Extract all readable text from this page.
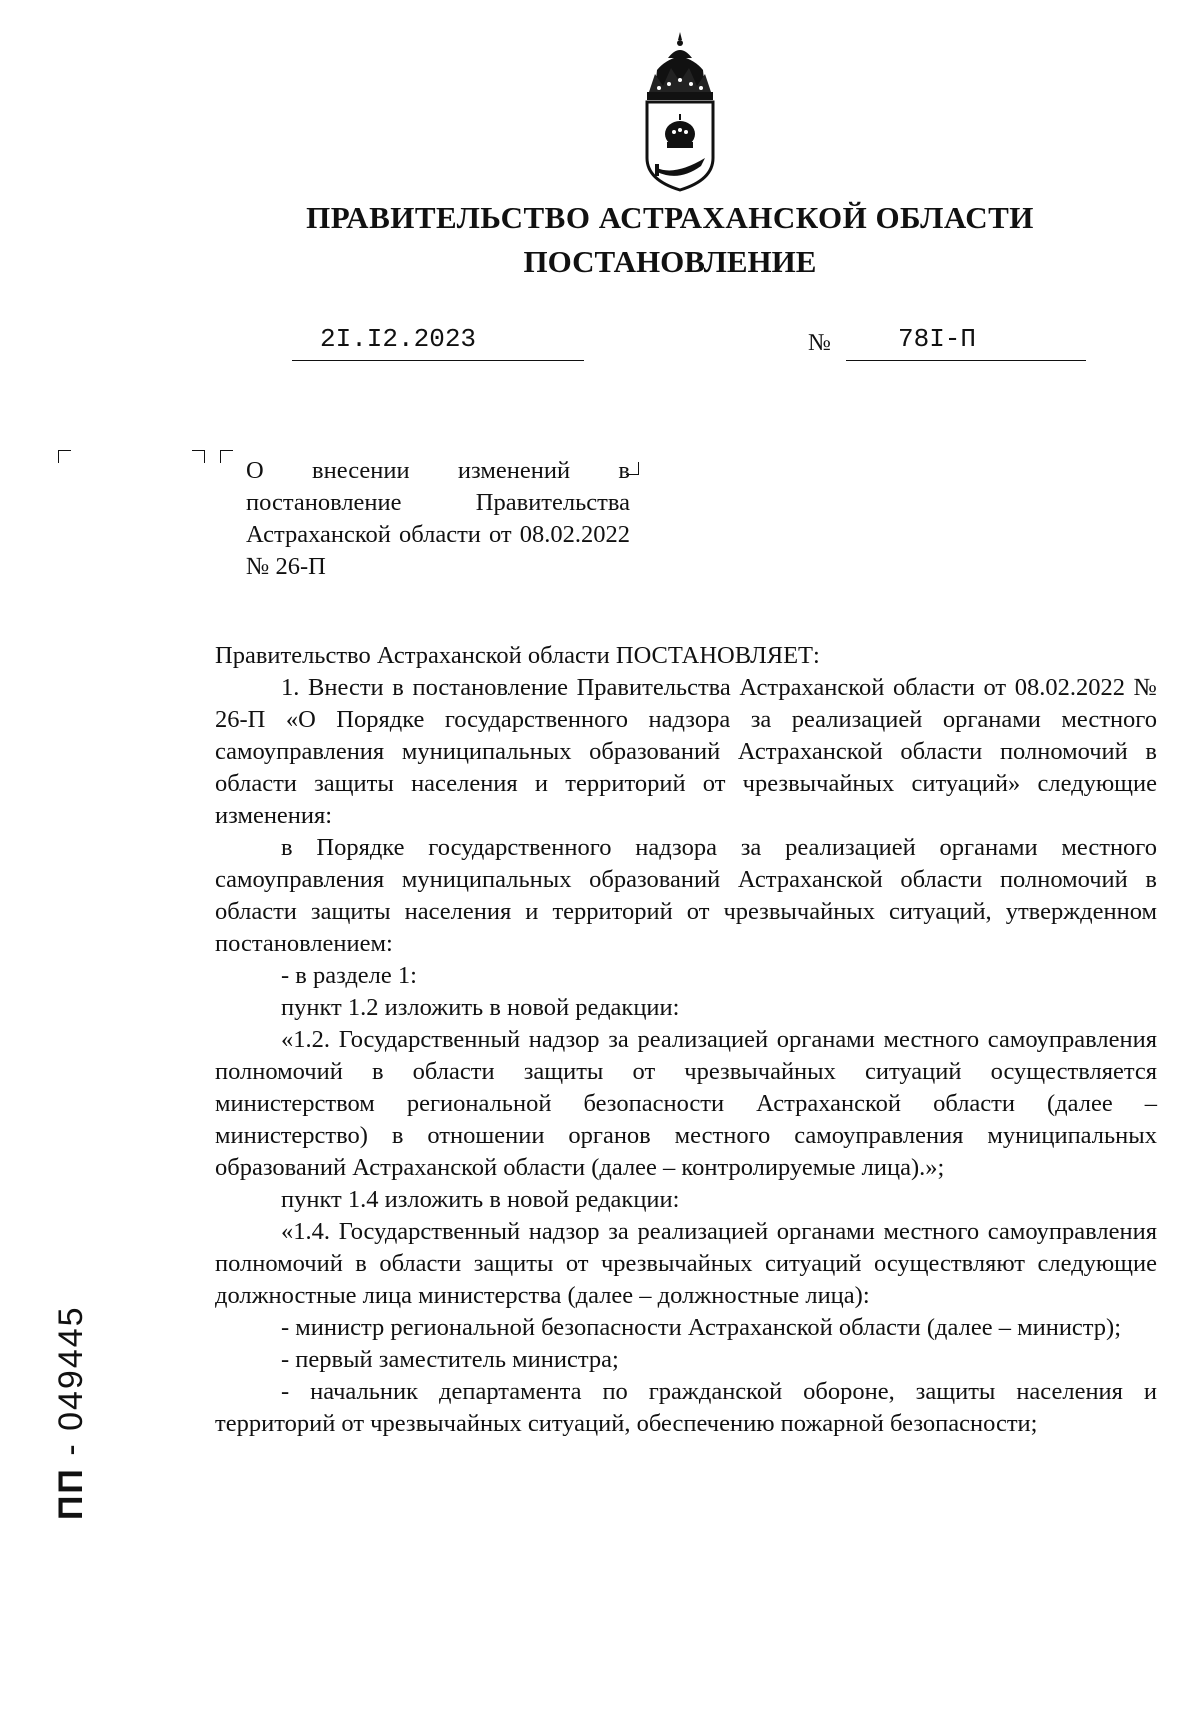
ПРАВИТЕЛЬСТВО АСТРАХАНСКОЙ ОБЛАСТИ
ПОСТАНОВЛЕНИЕ
2I.I2.2023	№	78I-П
О внесении изменений в постановление Правительства Астраханской области от 08.02.2022 № 26-П

Правительство Астраханской области ПОСТАНОВЛЯЕТ:

1. Внести в постановление Правительства Астраханской области от 08.02.2022 № 26-П «О Порядке государственного надзора за реализацией органами местного самоуправления муниципальных образований Астраханской области полномочий в области защиты населения и территорий от чрезвычайных ситуаций» следующие изменения:

в Порядке государственного надзора за реализацией органами местного самоуправления муниципальных образований Астраханской области полномочий в области защиты населения и территорий от чрезвычайных ситуаций, утвержденном постановлением:

- в разделе 1:

пункт 1.2 изложить в новой редакции:

«1.2. Государственный надзор за реализацией органами местного самоуправления полномочий в области защиты от чрезвычайных ситуаций осуществляется министерством региональной безопасности Астраханской области (далее – министерство) в отношении органов местного самоуправления муниципальных образований Астраханской области (далее – контролируемые лица).»;

пункт 1.4 изложить в новой редакции:

«1.4. Государственный надзор за реализацией органами местного самоуправления полномочий в области защиты от чрезвычайных ситуаций осуществляют следующие должностные лица министерства (далее – должностные лица):

- министр региональной безопасности Астраханской области (далее – министр);

- первый заместитель министра;

- начальник департамента по гражданской обороне, защиты населения и территорий от чрезвычайных ситуаций, обеспечению пожарной безопасности;

ПП - 049445
